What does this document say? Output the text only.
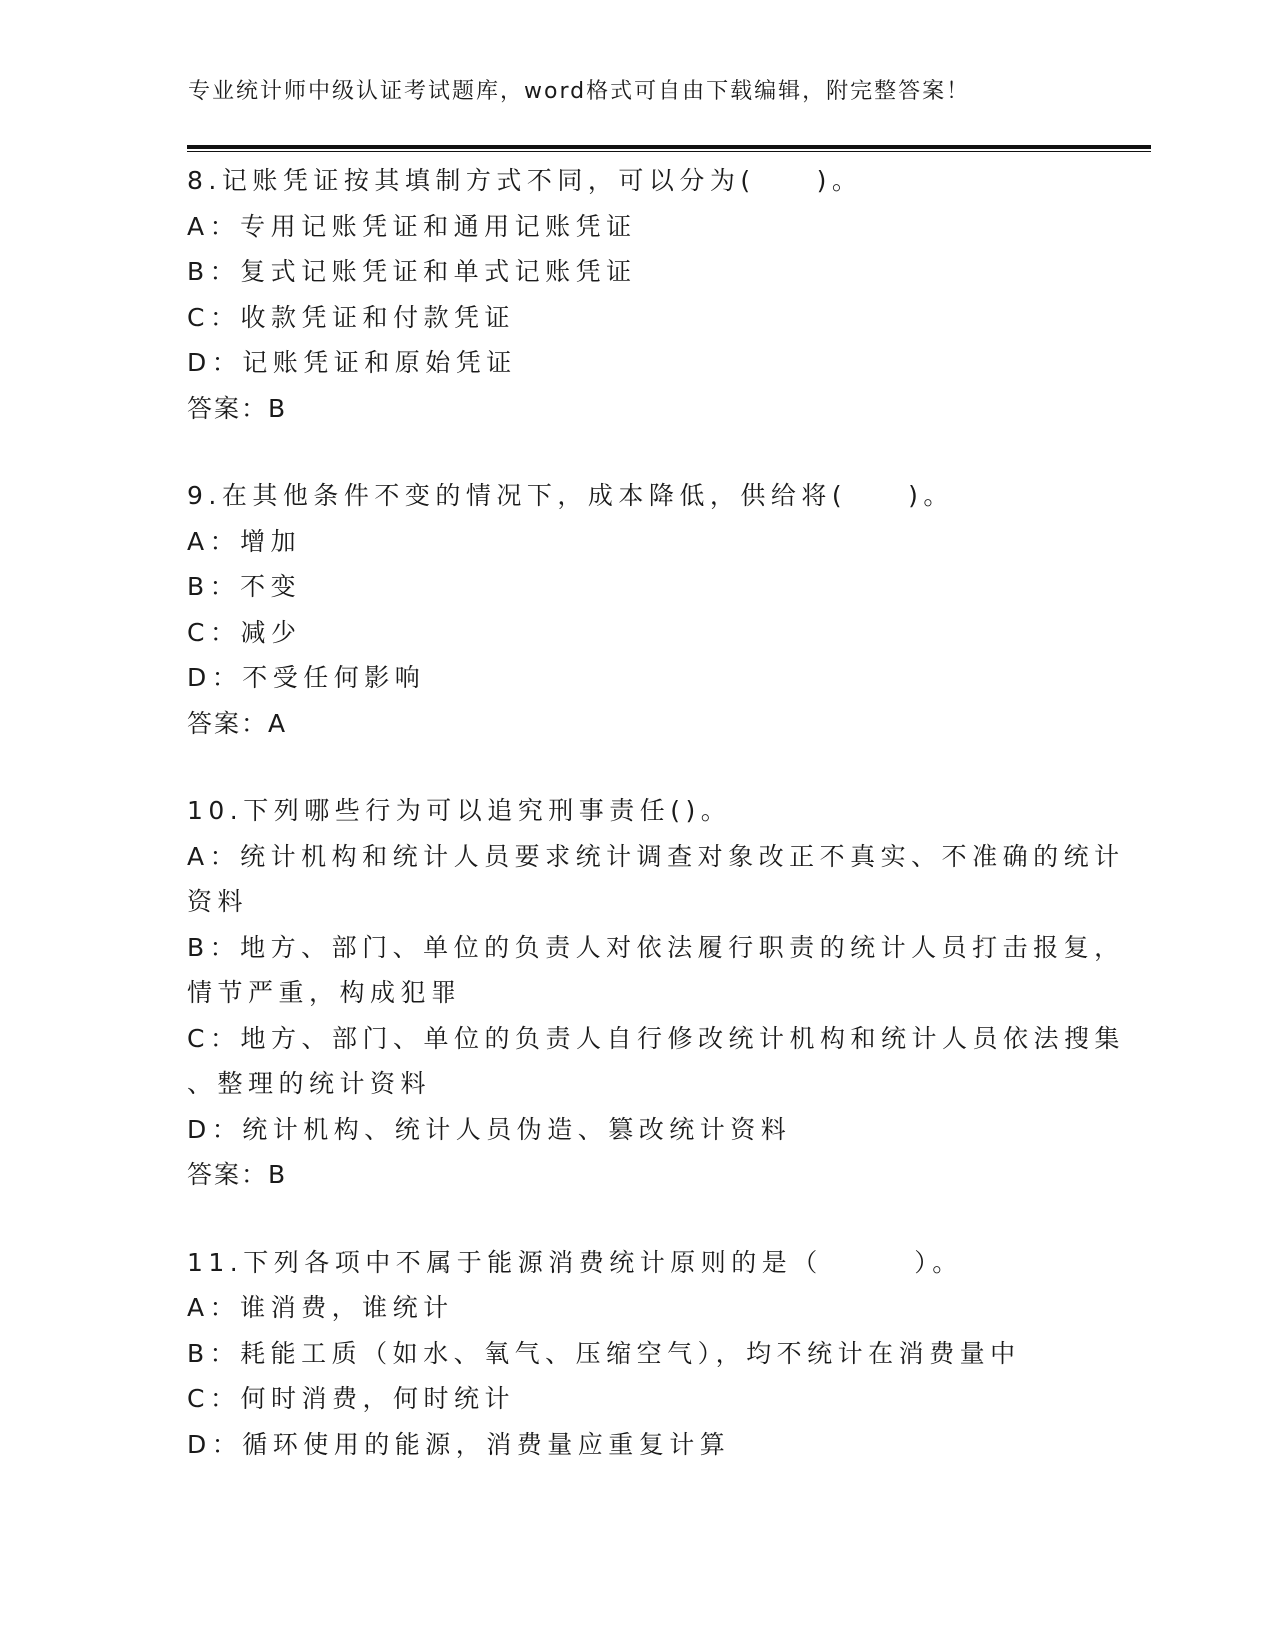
专业统计师中级认证考试题库，word格式可自由下载编辑，附完整答案！
8.记账凭证按其填制方式不同，可以分为(　　)。
A：专用记账凭证和通用记账凭证
B：复式记账凭证和单式记账凭证
C：收款凭证和付款凭证
D：记账凭证和原始凭证
答案：B
9.在其他条件不变的情况下，成本降低，供给将(　　)。
A：增加
B：不变
C：减少
D：不受任何影响
答案：A
10.下列哪些行为可以追究刑事责任()。
A：统计机构和统计人员要求统计调查对象改正不真实、不准确的统计
资料
B：地方、部门、单位的负责人对依法履行职责的统计人员打击报复，
情节严重，构成犯罪
C：地方、部门、单位的负责人自行修改统计机构和统计人员依法搜集
、整理的统计资料
D：统计机构、统计人员伪造、篡改统计资料
答案：B
11.下列各项中不属于能源消费统计原则的是（　　　）。
A：谁消费，谁统计
B：耗能工质（如水、氧气、压缩空气），均不统计在消费量中
C：何时消费，何时统计
D：循环使用的能源，消费量应重复计算
